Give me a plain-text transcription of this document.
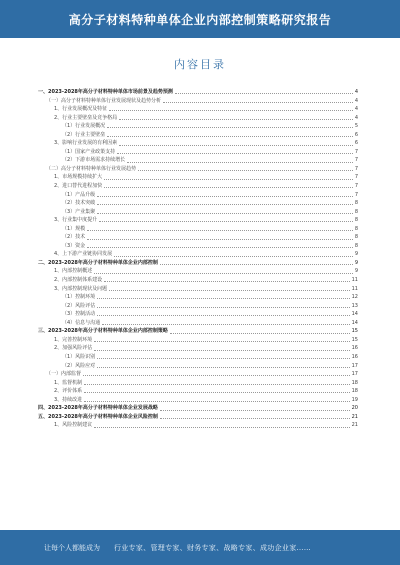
高分子材料特种单体企业内部控制策略研究报告
内容目录
一、2023-2028年高分子材料特种单体市场前景及趋势预测	4
（一）高分子材料特种单体行业发展现状及趋势分析	4
1、行业发展概况及特征	4
2、行业主要壁垒及竞争格局	4
（1）行业发展概况	5
（2）行业主要壁垒	6
3、影响行业发展的有利因素	6
（1）国家产业政策支持	7
（2）下游市场需求持续增长	7
（二）高分子材料特种单体行业发展趋势	7
1、市场规模持续扩大	7
2、进口替代进程加快	7
（1）产品升级	7
（2）技术突破	8
（3）产业集聚	8
3、行业集中度提升	8
（1）规模	8
（2）技术	8
（3）资金	8
4、上下游产业链协同发展	9
二、2023-2028年高分子材料特种单体企业内部控制	9
1、内部控制概述	9
2、内部控制体系建设	11
3、内部控制现状及问题	11
（1）控制环境	12
（2）风险评估	13
（3）控制活动	14
（4）信息与沟通	14
三、2023-2028年高分子材料特种单体企业内部控制策略	15
1、完善控制环境	15
2、加强风险评估	16
（1）风险识别	16
（2）风险应对	17
（一）内部监督	17
1、监督机制	18
2、评价体系	18
3、持续改进	19
四、2023-2028年高分子材料特种单体企业发展战略	20
五、2023-2028年高分子材料特种单体企业风险控制	21
1、风险控制建议	21
让每个人都能成为 行业专家、管理专家、财务专家、战略专家、成功企业家……
